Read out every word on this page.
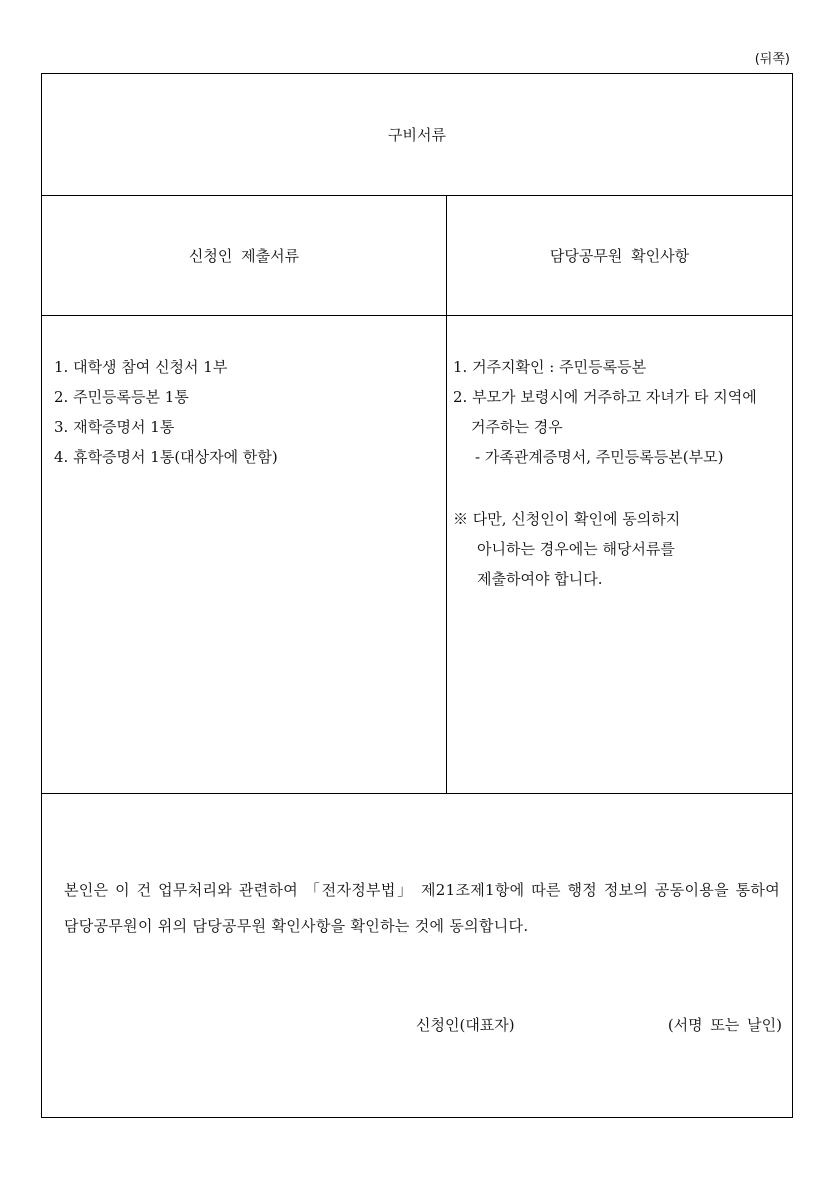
(뒤쪽)
구비서류
신청인 제출서류	담당공무원 확인사항
1. 대학생 참여 신청서 1부
2. 주민등록등본 1통
3. 재학증명서 1통
4. 휴학증명서 1통(대상자에 한함)
1. 거주지확인 : 주민등록등본
2. 부모가 보령시에 거주하고 자녀가 타 지역에
거주하는 경우
- 가족관계증명서, 주민등록등본(부모)
※ 다만, 신청인이 확인에 동의하지
아니하는 경우에는 해당서류를
제출하여야 합니다.
본인은 이 건 업무처리와 관련하여 「전자정부법」 제21조제1항에 따른 행정 정보의 공동이용을 통하여 담당공무원이 위의 담당공무원 확인사항을 확인하는 것에 동의합니다.
신청인(대표자)	(서명 또는 날인)
